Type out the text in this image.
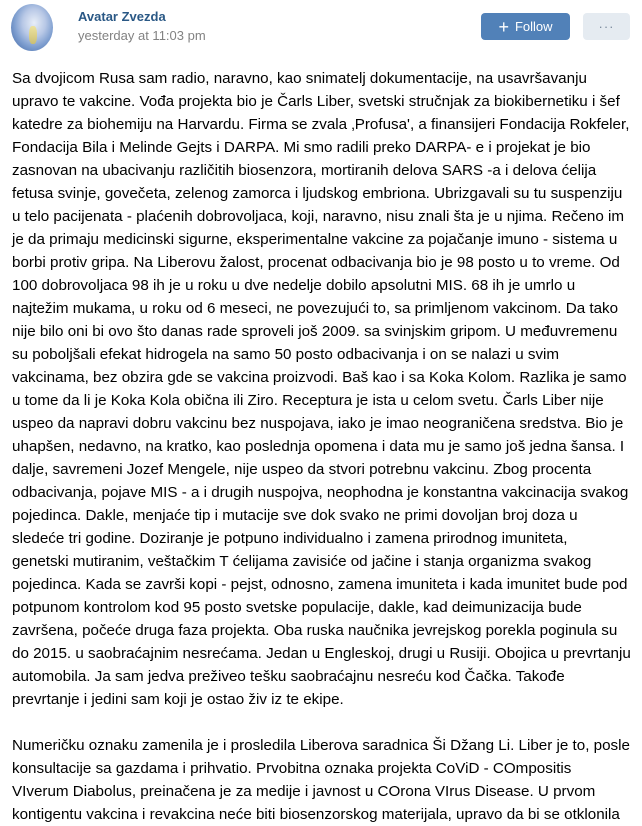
Avatar Zvezda
yesterday at 11:03 pm	+ Follow	···
Sa dvojicom Rusa sam radio, naravno, kao snimatelj dokumentacije, na usavršavanju
upravo te vakcine. Vođa projekta bio je Čarls Liber, svetski stručnjak za biokibernetiku i šef
katedre za biohemiju na Harvardu. Firma se zvala ‚Profusa', a finansijeri Fondacija Rokfeler,
Fondacija Bila i Melinde Gejts i DARPA. Mi smo radili preko DARPA- e i projekat je bio
zasnovan na ubacivanju različitih biosenzora, mortiranih delova SARS -a i delova ćelija
fetusa svinje, govečeta, zelenog zamorca i ljudskog embriona. Ubrizgavali su tu suspenziju
u telo pacijenata - plaćenih dobrovoljaca, koji, naravno, nisu znali šta je u njima. Rečeno im
je da primaju medicinski sigurne, eksperimentalne vakcine za pojačanje imuno - sistema u
borbi protiv gripa. Na Liberovu žalost, procenat odbacivanja bio je 98 posto u to vreme. Od
100 dobrovoljaca 98 ih je u roku u dve nedelje dobilo apsolutni MIS. 68 ih je umrlo u
najtežim mukama, u roku od 6 meseci, ne povezujući to, sa primljenom vakcinom. Da tako
nije bilo oni bi ovo što danas rade sproveli još 2009. sa svinjskim gripom. U međuvremenu
su poboljšali efekat hidrogela na samo 50 posto odbacivanja i on se nalazi u svim
vakcinama, bez obzira gde se vakcina proizvodi. Baš kao i sa Koka Kolom. Razlika je samo
u tome da li je Koka Kola obična ili Ziro. Receptura je ista u celom svetu. Čarls Liber nije
uspeo da napravi dobru vakcinu bez nuspojava, iako je imao neograničena sredstva. Bio je
uhapšen, nedavno, na kratko, kao poslednja opomena i data mu je samo još jedna šansa. I
dalje, savremeni Jozef Mengele, nije uspeo da stvori potrebnu vakcinu. Zbog procenta
odbacivanja, pojave MIS - a i drugih nuspojva, neophodna je konstantna vakcinacija svakog
pojedinca. Dakle, menjaće tip i mutacije sve dok svako ne primi dovoljan broj doza u
sledeće tri godine. Doziranje je potpuno individualno i zamena prirodnog imuniteta,
genetski mutiranim, veštačkim T ćelijama zavisiće od jačine i stanja organizma svakog
pojedinca. Kada se završi kopi - pejst, odnosno, zamena imuniteta i kada imunitet bude pod
potpunom kontrolom kod 95 posto svetske populacije, dakle, kad deimunizacija bude
završena, počeće druga faza projekta. Oba ruska naučnika jevrejskog porekla poginula su
do 2015. u saobraćajnim nesrećama. Jedan u Engleskoj, drugi u Rusiji. Obojica u prevrtanju
automobila. Ja sam jedva preživeo tešku saobraćajnu nesreću kod Čačka. Takođe
prevrtanje i jedini sam koji je ostao živ iz te ekipe.
Numeričku oznaku zamenila je i prosledila Liberova saradnica Ši Džang Li. Liber je to, posle
konsultacije sa gazdama i prihvatio. Prvobitna oznaka projekta CoViD - COmpositis
VIverum Diabolus, preinačena je za medije i javnost u COrona VIrus Disease. U prvom
kontigentu vakcina i revakcina neće biti biosenzorskog materijala, upravo da bi se otklonila
